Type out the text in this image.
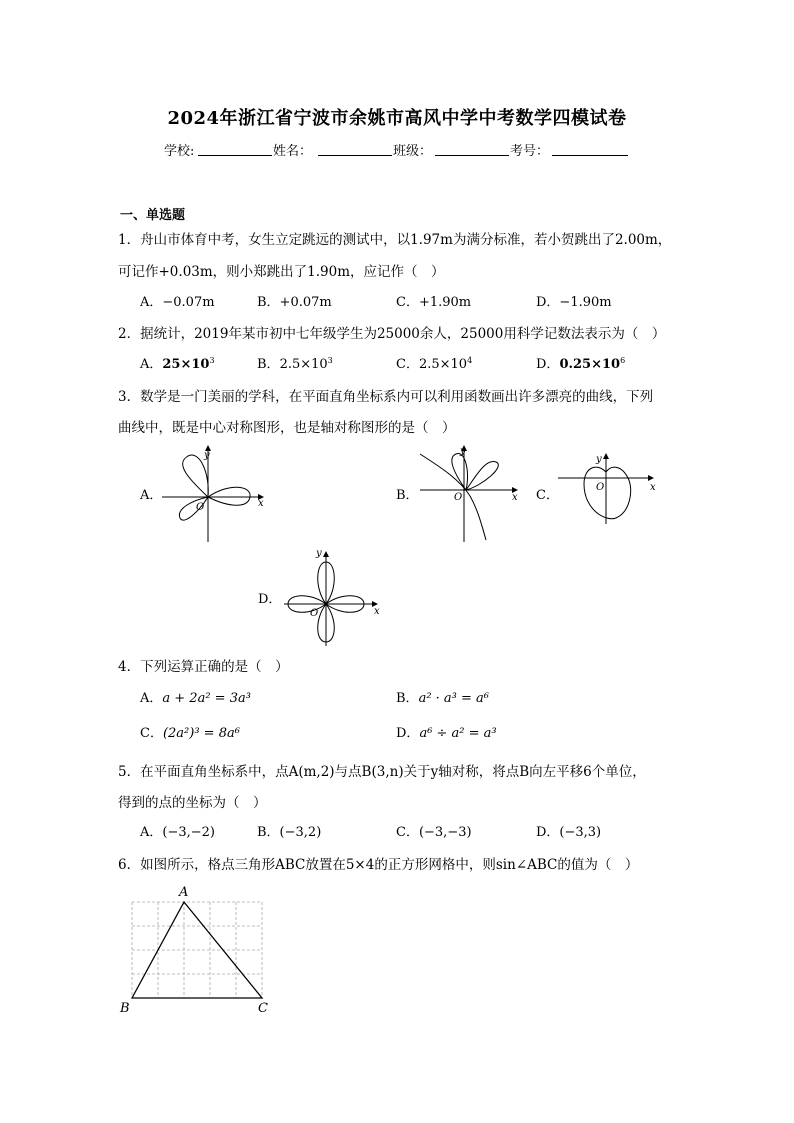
2024年浙江省宁波市余姚市高风中学中考数学四模试卷
学校:	姓名：	班级：	考号：
一、单选题
1．舟山市体育中考，女生立定跳远的测试中，以1.97m为满分标准，若小贺跳出了2.00m，
可记作+0.03m，则小郑跳出了1.90m，应记作（　）
A．−0.07m	B．+0.07m	C．+1.90m	D．−1.90m
2．据统计，2019年某市初中七年级学生为25000余人，25000用科学记数法表示为（　）
A．$25\times 10^3$	B．$2.5\times 10^3$	C．$2.5\times 10^4$	D．$0.25\times 10^6$
3．数学是一门美丽的学科，在平面直角坐标系内可以利用函数画出许多漂亮的曲线，下列
曲线中，既是中心对称图形，也是轴对称图形的是（　）
A．
y
x
O
B．
y
x
O	C．
y
x
O
D．
y
x
O
4．下列运算正确的是（　）
A．a + 2a² = 3a³	B．a² · a³ = a⁶
C．(2a²)³ = 8a⁶	D．a⁶ ÷ a² = a³
5．在平面直角坐标系中，点A(m,2)与点B(3,n)关于y轴对称，将点B向左平移6个单位，
得到的点的坐标为（　）
A．(−3,−2)	B．(−3,2)	C．(−3,−3)	D．(−3,3)
6．如图所示，格点三角形ABC放置在5×4的正方形网格中，则sin∠ABC的值为（　）
A
B	C
